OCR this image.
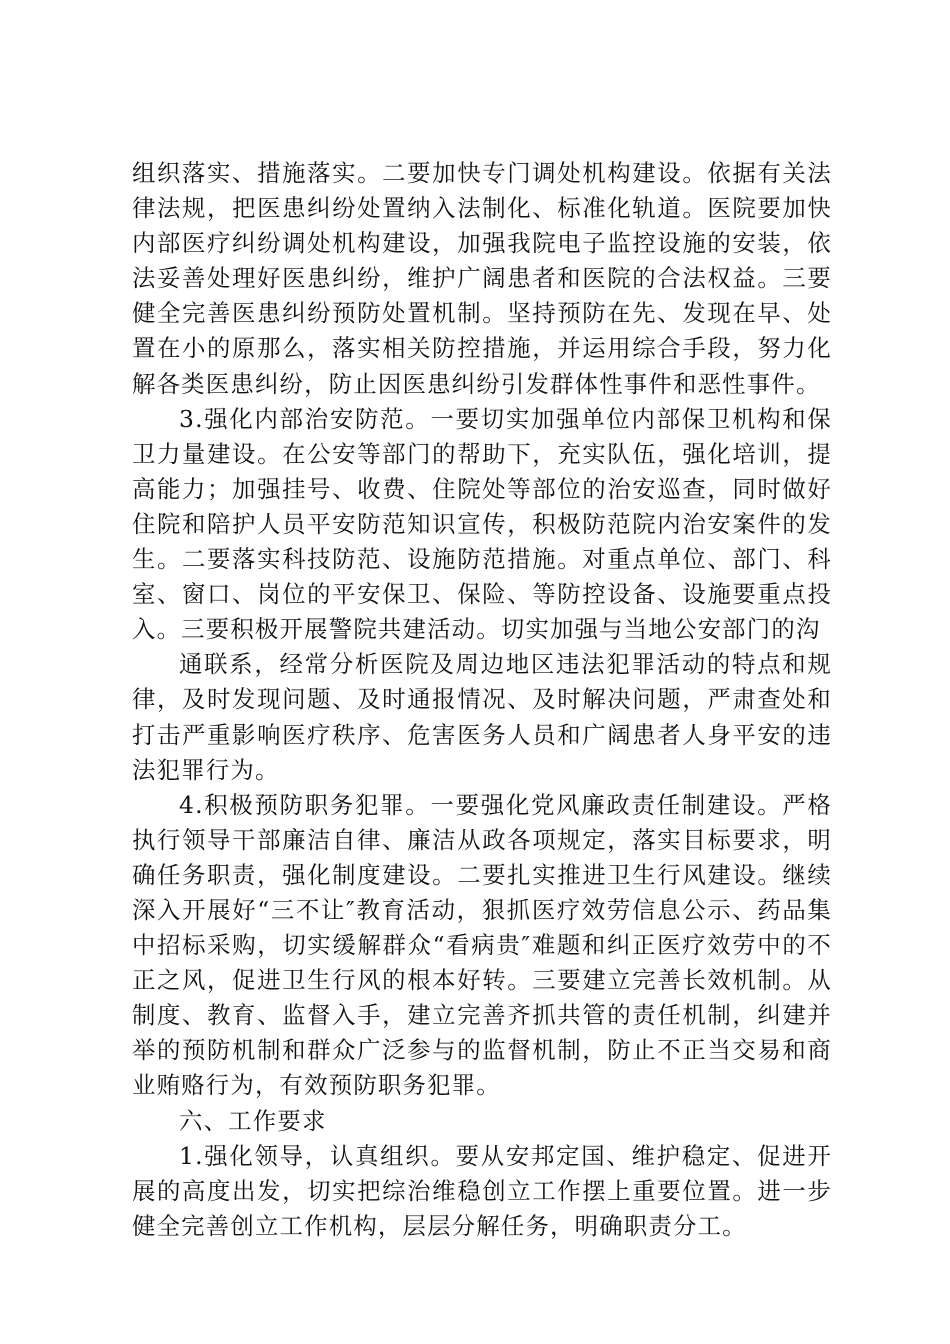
组织落实、措施落实。二要加快专门调处机构建设。依据有关法律法规，把医患纠纷处置纳入法制化、标准化轨道。医院要加快内部医疗纠纷调处机构建设，加强我院电子监控设施的安装，依法妥善处理好医患纠纷，维护广阔患者和医院的合法权益。三要健全完善医患纠纷预防处置机制。坚持预防在先、发现在早、处置在小的原那么，落实相关防控措施，并运用综合手段，努力化解各类医患纠纷，防止因医患纠纷引发群体性事件和恶性事件。

3.强化内部治安防范。一要切实加强单位内部保卫机构和保卫力量建设。在公安等部门的帮助下，充实队伍，强化培训，提高能力；加强挂号、收费、住院处等部位的治安巡查，同时做好住院和陪护人员平安防范知识宣传，积极防范院内治安案件的发生。二要落实科技防范、设施防范措施。对重点单位、部门、科室、窗口、岗位的平安保卫、保险、等防控设备、设施要重点投入。三要积极开展警院共建活动。切实加强与当地公安部门的沟

通联系，经常分析医院及周边地区违法犯罪活动的特点和规律，及时发现问题、及时通报情况、及时解决问题，严肃查处和打击严重影响医疗秩序、危害医务人员和广阔患者人身平安的违法犯罪行为。

4.积极预防职务犯罪。一要强化党风廉政责任制建设。严格执行领导干部廉洁自律、廉洁从政各项规定，落实目标要求，明确任务职责，强化制度建设。二要扎实推进卫生行风建设。继续深入开展好“三不让″教育活动，狠抓医疗效劳信息公示、药品集中招标采购，切实缓解群众“看病贵″难题和纠正医疗效劳中的不正之风，促进卫生行风的根本好转。三要建立完善长效机制。从制度、教育、监督入手，建立完善齐抓共管的责任机制，纠建并举的预防机制和群众广泛参与的监督机制，防止不正当交易和商业贿赂行为，有效预防职务犯罪。

六、工作要求

1.强化领导，认真组织。要从安邦定国、维护稳定、促进开展的高度出发，切实把综治维稳创立工作摆上重要位置。进一步健全完善创立工作机构，层层分解任务，明确职责分工。
